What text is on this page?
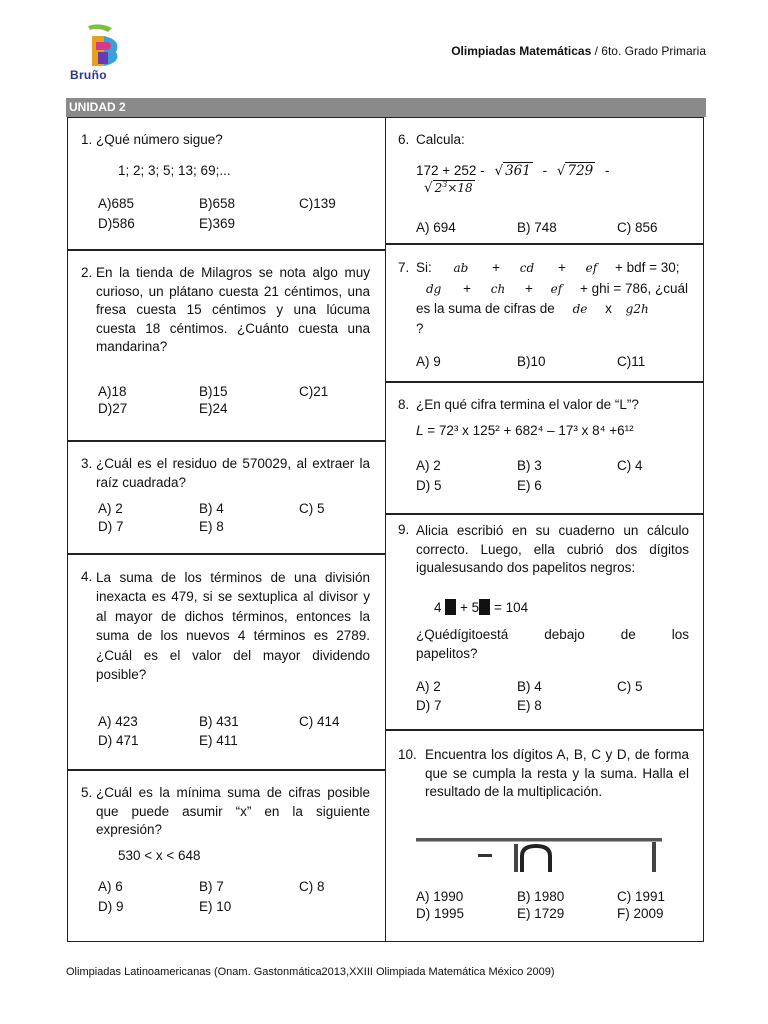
Bruño
Olimpiadas Matemáticas / 6to. Grado Primaria
UNIDAD 2
1. ¿Qué número sigue?
1; 2; 3; 5; 13; 69;...
A)685	B)658	C)139
D)586	E)369
2. En la tienda de Milagros se nota algo muy curioso, un plátano cuesta 21 céntimos, una fresa cuesta 15 céntimos y una lúcuma cuesta 18 céntimos. ¿Cuánto cuesta una mandarina?
A)18	B)15	C)21
D)27	E)24
3. ¿Cuál es el residuo de 570029, al extraer la raíz cuadrada?
A) 2	B) 4	C) 5
D) 7	E) 8
4. La suma de los términos de una división inexacta es 479, si se sextuplica al divisor y al mayor de dichos términos, entonces la suma de los nuevos 4 términos es 2789. ¿Cuál es el valor del mayor dividendo posible?
A) 423	B) 431	C) 414
D) 471	E) 411
5. ¿Cuál es la mínima suma de cifras posible que puede asumir “x” en la siguiente expresión?
530 < x < 648
A) 6	B) 7	C) 8
D) 9	E) 10
6. Calcula:
172 + 252 - √ 361 - √ 729 -
√ $2^3\times 18$
A) 694	B) 748	C) 856
7. Si: ab + cd + ef + bdf = 30;
dg + ch + ef + ghi = 786, ¿cuál
es la suma de cifras de de x g2h
?
A) 9	B)10	C)11
8. ¿En qué cifra termina el valor de “L”?
L = 72³ x 125² + 682⁴ – 17³ x 8⁴ +6¹²
A) 2	B) 3	C) 4
D) 5	E) 6
9. Alicia escribió en su cuaderno un cálculo correcto. Luego, ella cubrió dos dígitos igualesusando dos papelitos negros:
4 + 5 = 104
¿Quédígitoestá debajo de los papelitos?
A) 2	B) 4	C) 5
D) 7	E) 8
10. Encuentra los dígitos A, B, C y D, de forma que se cumpla la resta y la suma. Halla el resultado de la multiplicación.
A) 1990	B) 1980	C) 1991
D) 1995	E) 1729	F) 2009
Olimpiadas Latinoamericanas (Onam. Gastonmática2013,XXIII Olimpiada Matemática México 2009)
